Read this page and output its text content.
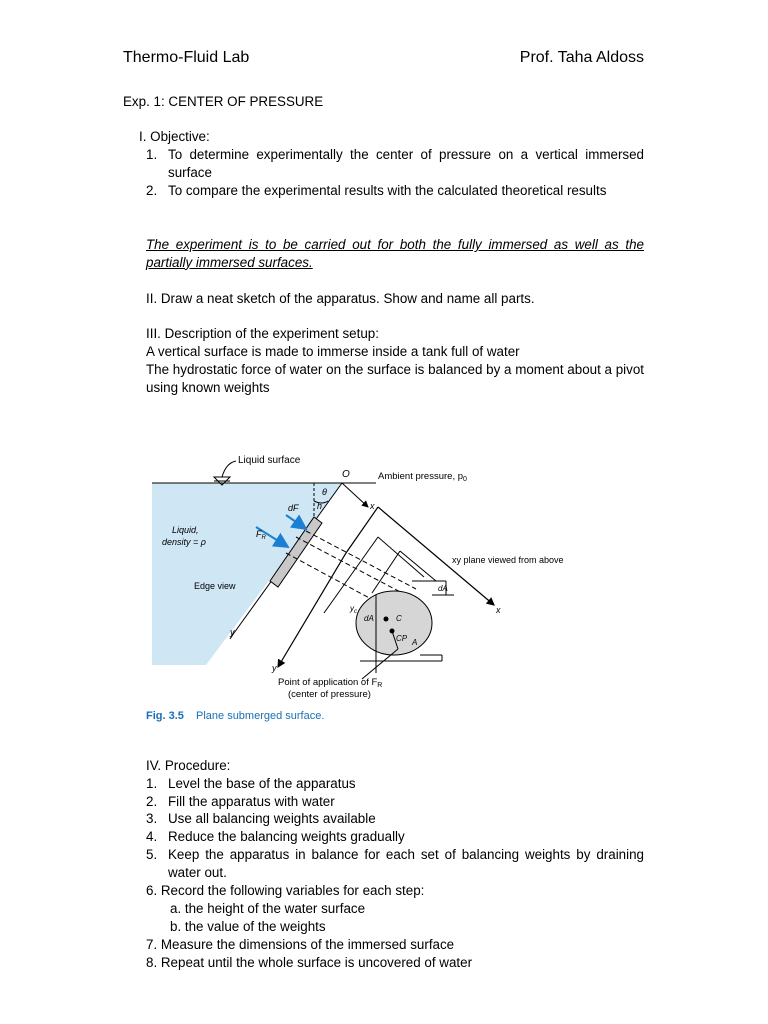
Thermo-Fluid Lab	Prof. Taha Aldoss
Exp. 1: CENTER OF PRESSURE
I. Objective:
1. To determine experimentally the center of pressure on a vertical immersed surface
2. To compare the experimental results with the calculated theoretical results
The experiment is to be carried out for both the fully immersed as well as the partially immersed surfaces.
II. Draw a neat sketch of the apparatus. Show and name all parts.
III. Description of the experiment setup:
A vertical surface is made to immerse inside a tank full of water
The hydrostatic force of water on the surface is balanced by a moment about a pivot using known weights
Liquid surface
O	Ambient pressure, $p_0$
θ
h
dF
$F_R$
Liquid,
density = ρ
Edge view
xy plane viewed from above
y
y
x
x
dA
dA
A
$y_c$
C
CP
Point of application of $F_R$
(center of pressure)
Fig. 3.5 Plane submerged surface.
IV. Procedure:
1. Level the base of the apparatus
2. Fill the apparatus with water
3. Use all balancing weights available
4. Reduce the balancing weights gradually
5. Keep the apparatus in balance for each set of balancing weights by draining water out.
6. Record the following variables for each step:
a. the height of the water surface
b. the value of the weights
7. Measure the dimensions of the immersed surface
8. Repeat until the whole surface is uncovered of water
